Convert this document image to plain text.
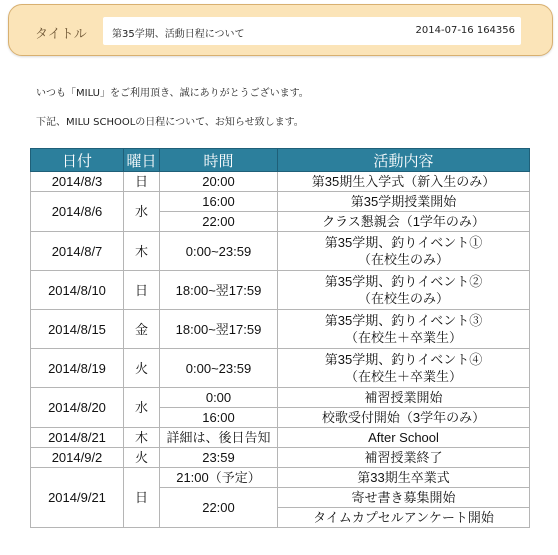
タイトル	第35学期、活動日程について	2014-07-16 164356
いつも「MILU」をご利用頂き、誠にありがとうございます。
下記、MILU SCHOOLの日程について、お知らせ致します。
日付	曜日	時間	活動内容
2014/8/3	日	20:00	第35期生入学式（新入生のみ）
2014/8/6	水	16:00	第35学期授業開始
		22:00	クラス懇親会（1学年のみ）
2014/8/7	木	0:00~23:59	第35学期、釣りイベント①
（在校生のみ）
2014/8/10	日	18:00~翌17:59	第35学期、釣りイベント②
（在校生のみ）
2014/8/15	金	18:00~翌17:59	第35学期、釣りイベント③
（在校生＋卒業生）
2014/8/19	火	0:00~23:59	第35学期、釣りイベント④
（在校生＋卒業生）
2014/8/20	水	0:00	補習授業開始
		16:00	校歌受付開始（3学年のみ）
2014/8/21	木	詳細は、後日告知	After School
2014/9/2	火	23:59	補習授業終了
2014/9/21	日	21:00（予定）	第33期生卒業式
		22:00	寄せ書き募集開始
			タイムカプセルアンケート開始
